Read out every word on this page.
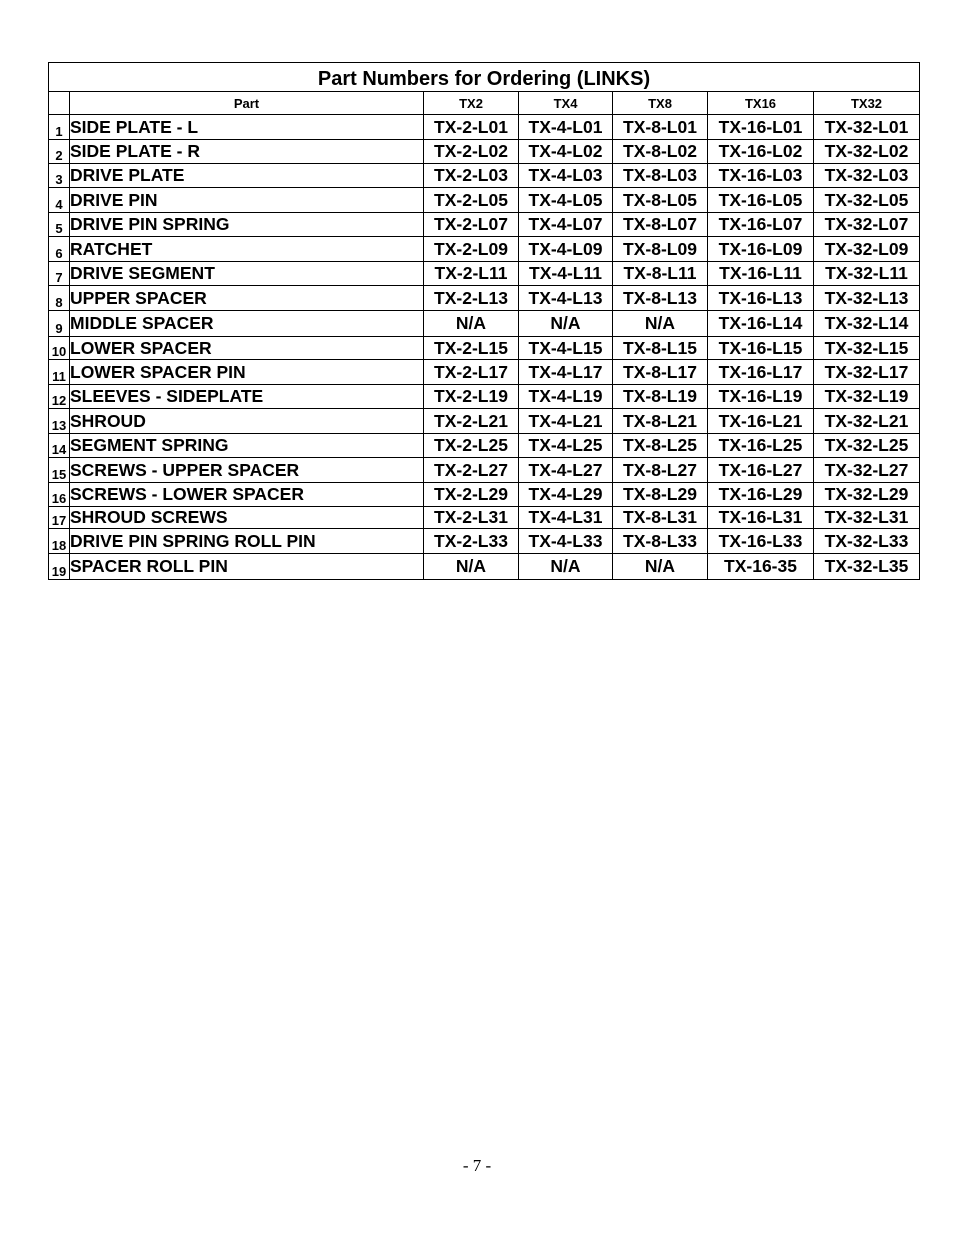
Part Numbers for Ordering (LINKS)						
	Part	TX2	TX4	TX8	TX16	TX32
1	SIDE PLATE - L	TX-2-L01	TX-4-L01	TX-8-L01	TX-16-L01	TX-32-L01
2	SIDE PLATE - R	TX-2-L02	TX-4-L02	TX-8-L02	TX-16-L02	TX-32-L02
3	DRIVE PLATE	TX-2-L03	TX-4-L03	TX-8-L03	TX-16-L03	TX-32-L03
4	DRIVE PIN	TX-2-L05	TX-4-L05	TX-8-L05	TX-16-L05	TX-32-L05
5	DRIVE PIN SPRING	TX-2-L07	TX-4-L07	TX-8-L07	TX-16-L07	TX-32-L07
6	RATCHET	TX-2-L09	TX-4-L09	TX-8-L09	TX-16-L09	TX-32-L09
7	DRIVE SEGMENT	TX-2-L11	TX-4-L11	TX-8-L11	TX-16-L11	TX-32-L11
8	UPPER SPACER	TX-2-L13	TX-4-L13	TX-8-L13	TX-16-L13	TX-32-L13
9	MIDDLE SPACER	N/A	N/A	N/A	TX-16-L14	TX-32-L14
10	LOWER SPACER	TX-2-L15	TX-4-L15	TX-8-L15	TX-16-L15	TX-32-L15
11	LOWER SPACER PIN	TX-2-L17	TX-4-L17	TX-8-L17	TX-16-L17	TX-32-L17
12	SLEEVES - SIDEPLATE	TX-2-L19	TX-4-L19	TX-8-L19	TX-16-L19	TX-32-L19
13	SHROUD	TX-2-L21	TX-4-L21	TX-8-L21	TX-16-L21	TX-32-L21
14	SEGMENT SPRING	TX-2-L25	TX-4-L25	TX-8-L25	TX-16-L25	TX-32-L25
15	SCREWS - UPPER SPACER	TX-2-L27	TX-4-L27	TX-8-L27	TX-16-L27	TX-32-L27
16	SCREWS - LOWER SPACER	TX-2-L29	TX-4-L29	TX-8-L29	TX-16-L29	TX-32-L29
17	SHROUD SCREWS	TX-2-L31	TX-4-L31	TX-8-L31	TX-16-L31	TX-32-L31
18	DRIVE PIN SPRING ROLL PIN	TX-2-L33	TX-4-L33	TX-8-L33	TX-16-L33	TX-32-L33
19	SPACER ROLL PIN	N/A	N/A	N/A	TX-16-35	TX-32-L35
- 7 -
